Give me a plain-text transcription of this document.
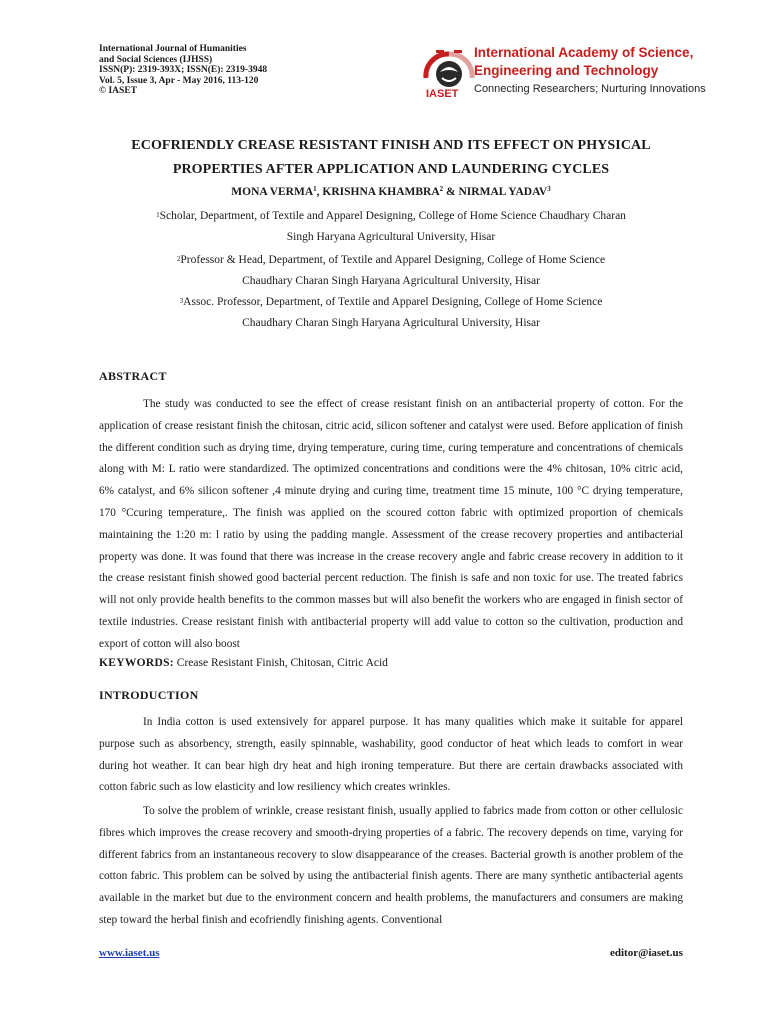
International Journal of Humanities
and Social Sciences (IJHSS)
ISSN(P): 2319-393X; ISSN(E): 2319-3948
Vol. 5, Issue 3, Apr - May 2016, 113-120
© IASET	IASET
International Academy of Science,
Engineering and Technology
Connecting Researchers; Nurturing Innovations
ECOFRIENDLY CREASE RESISTANT FINISH AND ITS EFFECT ON PHYSICAL
PROPERTIES AFTER APPLICATION AND LAUNDERING CYCLES
MONA VERMA$^1$, KRISHNA KHAMBRA$^2$ & NIRMAL YADAV$^3$
$^1$Scholar, Department, of Textile and Apparel Designing, College of Home Science Chaudhary Charan
Singh Haryana Agricultural University, Hisar
$^2$Professor & Head, Department, of Textile and Apparel Designing, College of Home Science
Chaudhary Charan Singh Haryana Agricultural University, Hisar
$^3$Assoc. Professor, Department, of Textile and Apparel Designing, College of Home Science
Chaudhary Charan Singh Haryana Agricultural University, Hisar
ABSTRACT

The study was conducted to see the effect of crease resistant finish on an antibacterial property of cotton. For the application of crease resistant finish the chitosan, citric acid, silicon softener and catalyst were used. Before application of finish the different condition such as drying time, drying temperature, curing time, curing temperature and concentrations of chemicals along with M: L ratio were standardized. The optimized concentrations and conditions were the 4% chitosan, 10% citric acid, 6% catalyst, and 6% silicon softener ,4 minute drying and curing time, treatment time 15 minute, 100 °C drying temperature, 170 °Ccuring temperature,. The finish was applied on the scoured cotton fabric with optimized proportion of chemicals maintaining the 1:20 m: l ratio by using the padding mangle. Assessment of the crease recovery properties and antibacterial property was done. It was found that there was increase in the crease recovery angle and fabric crease recovery in addition to it the crease resistant finish showed good bacterial percent reduction. The finish is safe and non toxic for use. The treated fabrics will not only provide health benefits to the common masses but will also benefit the workers who are engaged in finish sector of textile industries. Crease resistant finish with antibacterial property will add value to cotton so the cultivation, production and export of cotton will also boost

KEYWORDS: Crease Resistant Finish, Chitosan, Citric Acid
INTRODUCTION

In India cotton is used extensively for apparel purpose. It has many qualities which make it suitable for apparel purpose such as absorbency, strength, easily spinnable, washability, good conductor of heat which leads to comfort in wear during hot weather. It can bear high dry heat and high ironing temperature. But there are certain drawbacks associated with cotton fabric such as low elasticity and low resiliency which creates wrinkles.

To solve the problem of wrinkle, crease resistant finish, usually applied to fabrics made from cotton or other cellulosic fibres which improves the crease recovery and smooth-drying properties of a fabric. The recovery depends on time, varying for different fabrics from an instantaneous recovery to slow disappearance of the creases. Bacterial growth is another problem of the cotton fabric. This problem can be solved by using the antibacterial finish agents. There are many synthetic antibacterial agents available in the market but due to the environment concern and health problems, the manufacturers and consumers are making step toward the herbal finish and ecofriendly finishing agents. Conventional

www.iaset.us	editor@iaset.us
